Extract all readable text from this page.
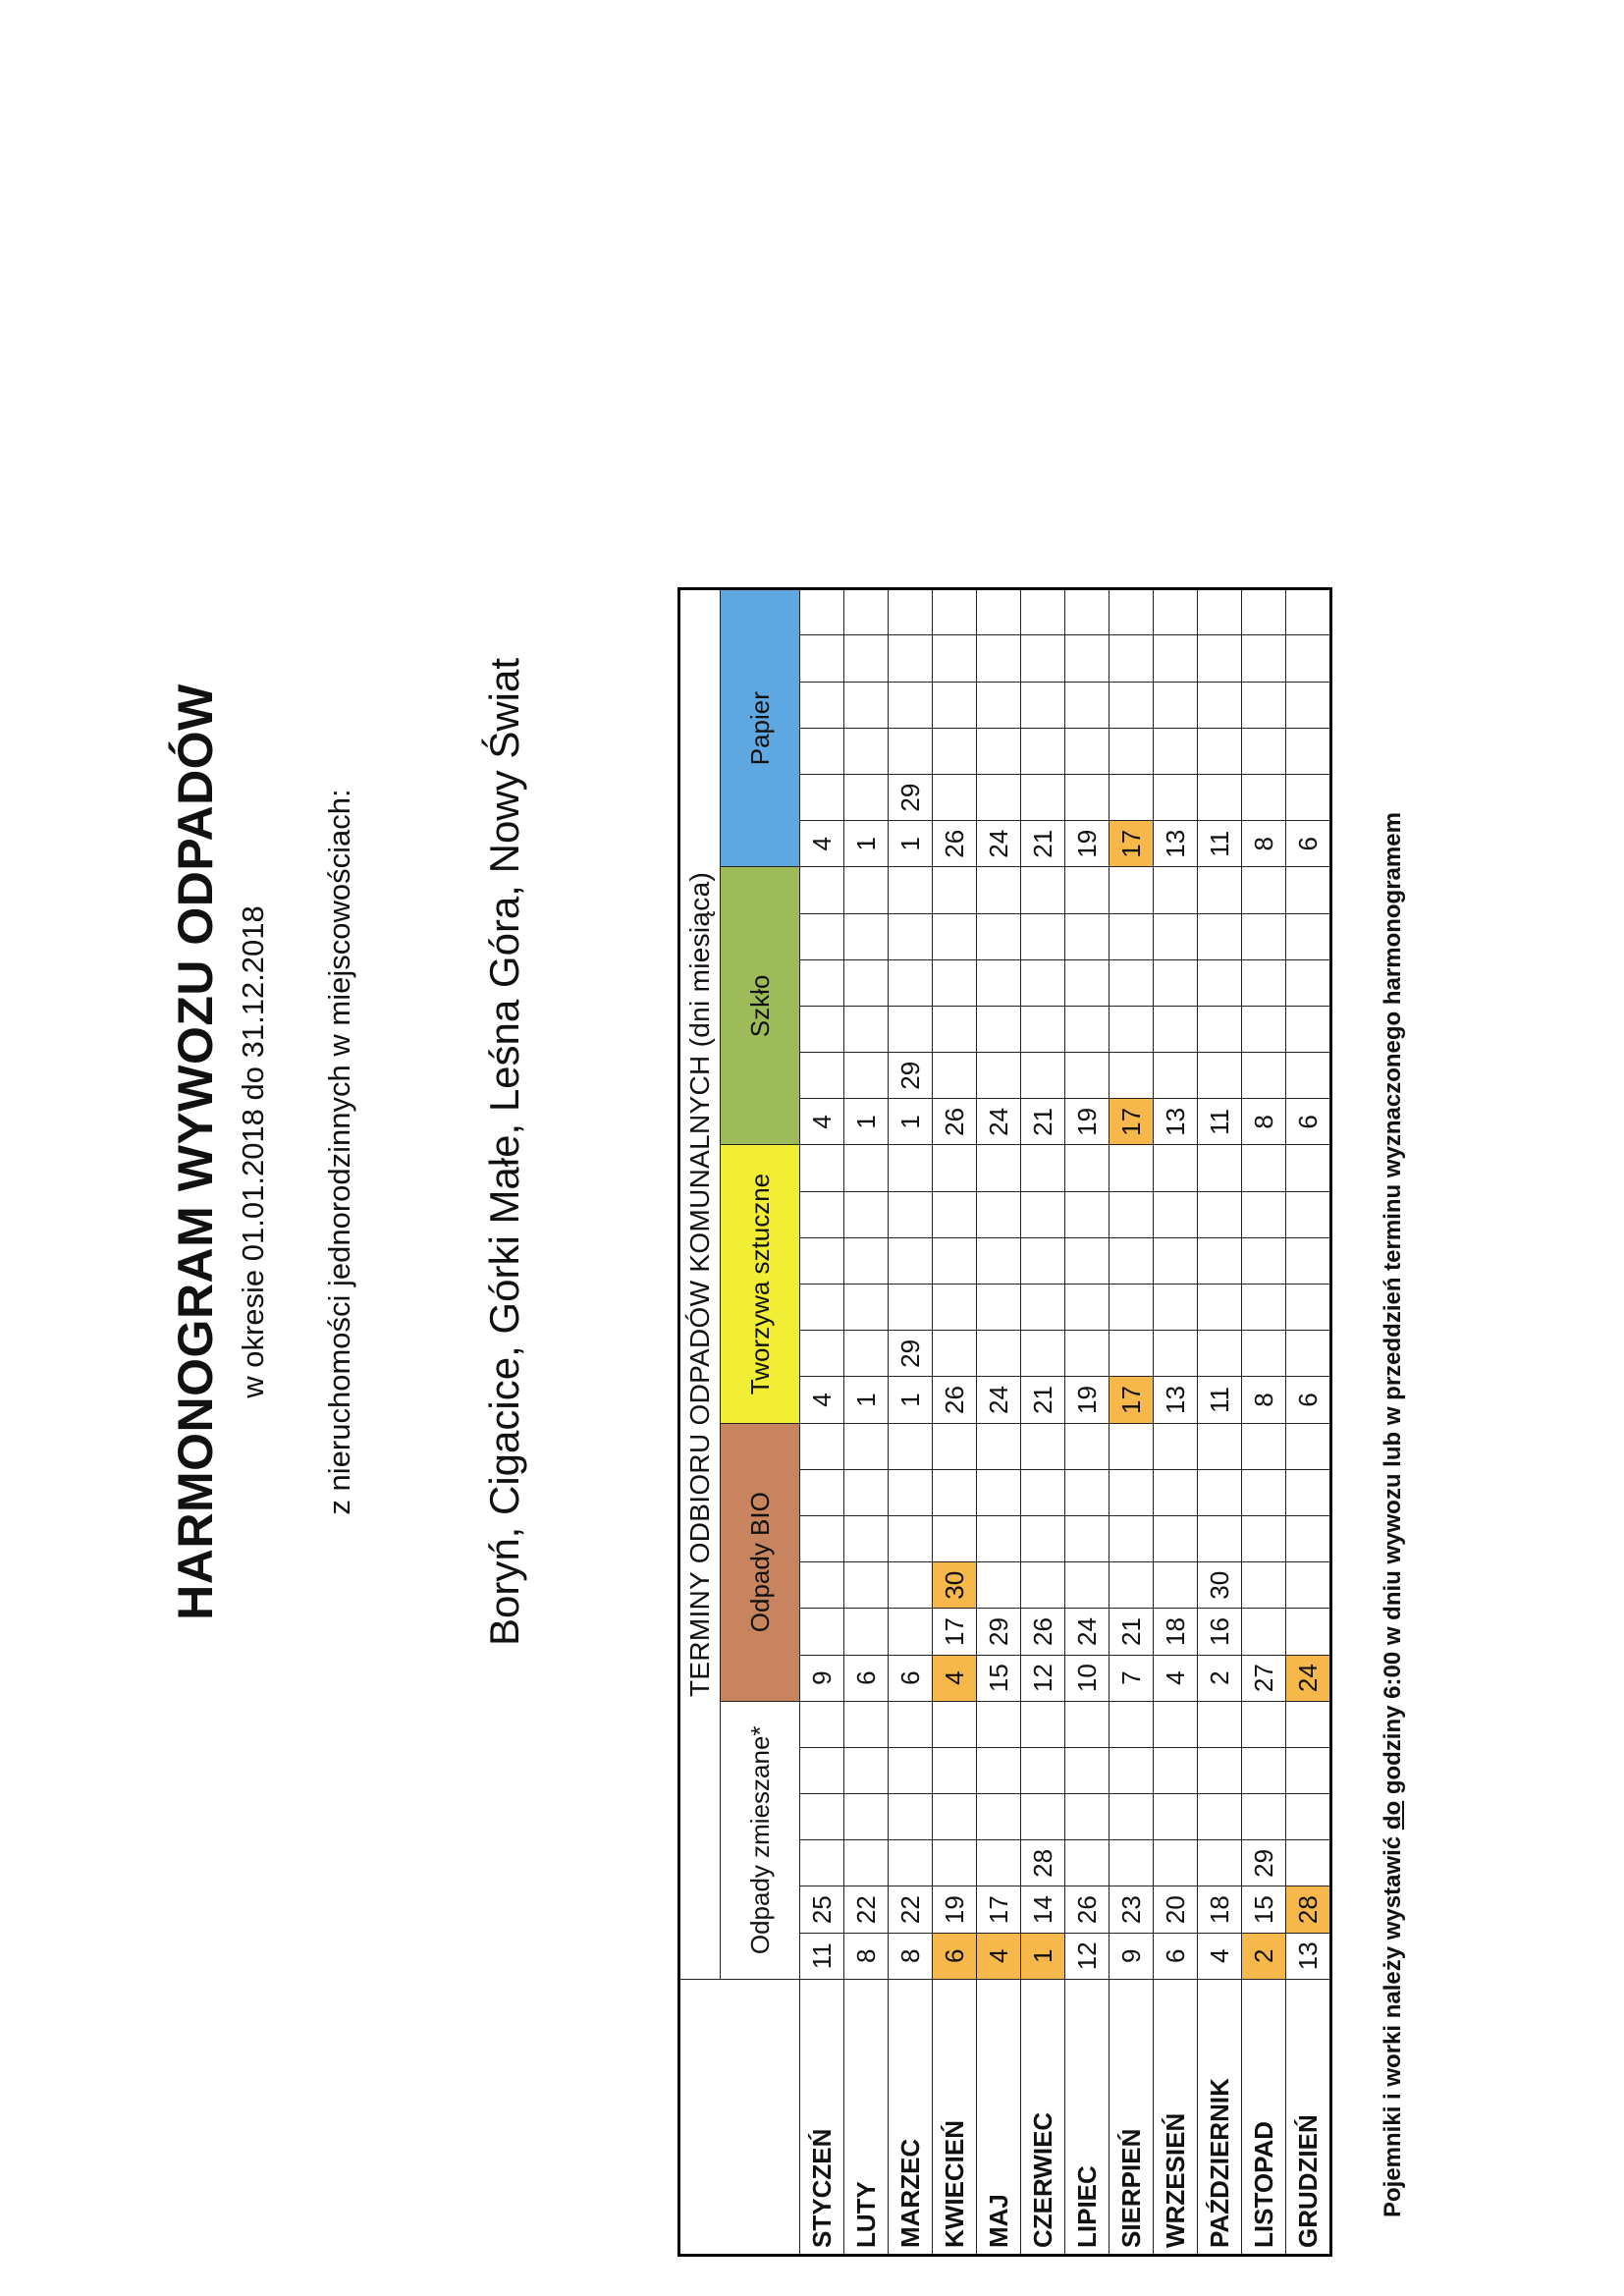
HARMONOGRAM WYWOZU ODPADÓW w okresie 01.01.2018 do 31.12.2018 z nieruchomości jednorodzinnych w miejscowościach:	Boryń, Cigacice, Górki Małe, Leśna Góra, Nowy Świat
		TERMINY ODBIORU ODPADÓW KOMUNALNYCH (dni miesiąca)																													
	Odpady zmieszane*						Odpady BIO						Tworzywa sztuczne						Szkło						Papier					
STYCZEŃ	11	25					9						4						4						4					
LUTY	8	22					6						1						1						1					
MARZEC	8	22					6						1	29					1	29					1	29				
KWIECIEŃ	6	19					4	17	30				26						26						26					
MAJ	4	17					15	29					24						24						24					
CZERWIEC	1	14	28				12	26					21						21						21					
LIPIEC	12	26					10	24					19						19						19					
SIERPIEŃ	9	23					7	21					17						17						17					
WRZESIEŃ	6	20					4	18					13						13						13					
PAŹDZIERNIK	4	18					2	16	30				11						11						11					
LISTOPAD	2	15	29				27						8						8						8					
GRUDZIEŃ	13	28					24						6						6						6					
Pojemniki i worki należy wystawić do godziny 6:00 w dniu wywozu lub w przeddzień terminu wyznaczonego harmonogramem
